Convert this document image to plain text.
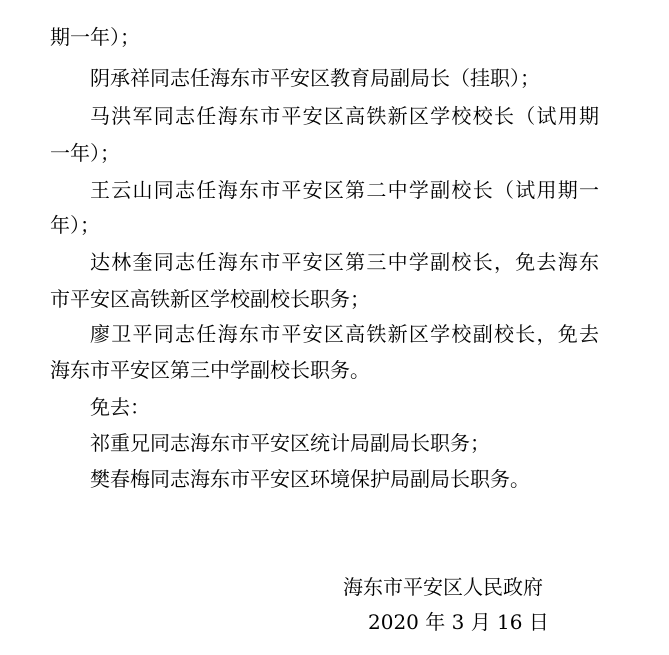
期一年）；
阴承祥同志任海东市平安区教育局副局长（挂职）；
马洪军同志任海东市平安区高铁新区学校校长（试用期
一年）；
王云山同志任海东市平安区第二中学副校长（试用期一
年）；
达林奎同志任海东市平安区第三中学副校长，免去海东
市平安区高铁新区学校副校长职务；
廖卫平同志任海东市平安区高铁新区学校副校长，免去
海东市平安区第三中学副校长职务。
免去：
祁重兄同志海东市平安区统计局副局长职务；
樊春梅同志海东市平安区环境保护局副局长职务。
海东市平安区人民政府
2020 年 3 月 16 日
